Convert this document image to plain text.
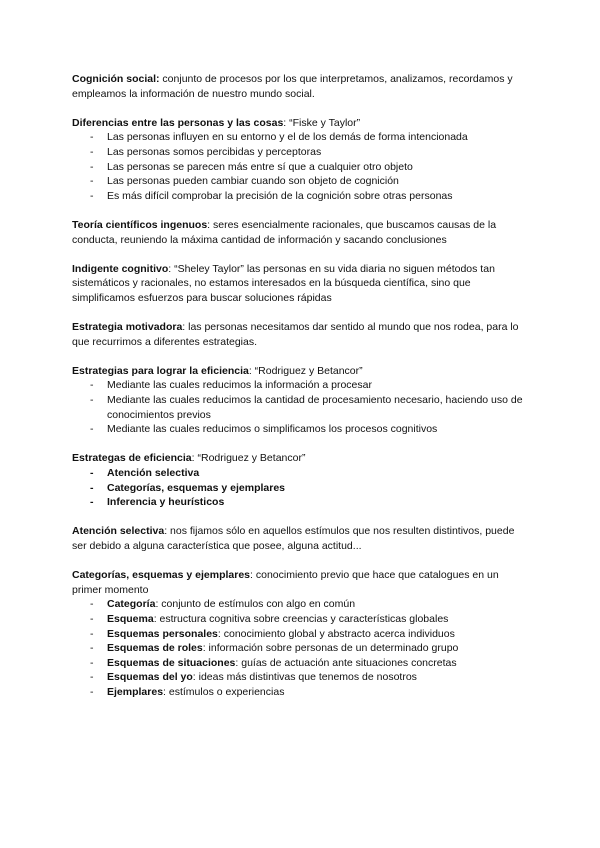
Cognición social: conjunto de procesos por los que interpretamos, analizamos, recordamos y empleamos la información de nuestro mundo social.

Diferencias entre las personas y las cosas: “Fiske y Taylor”

- Las personas influyen en su entorno y el de los demás de forma intencionada
- Las personas somos percibidas y perceptoras
- Las personas se parecen más entre sí que a cualquier otro objeto
- Las personas pueden cambiar cuando son objeto de cognición
- Es más difícil comprobar la precisión de la cognición sobre otras personas

Teoría científicos ingenuos: seres esencialmente racionales, que buscamos causas de la conducta, reuniendo la máxima cantidad de información y sacando conclusiones

Indigente cognitivo: “Sheley Taylor” las personas en su vida diaria no siguen métodos tan sistemáticos y racionales, no estamos interesados en la búsqueda científica, sino que simplificamos esfuerzos para buscar soluciones rápidas

Estrategia motivadora: las personas necesitamos dar sentido al mundo que nos rodea, para lo que recurrimos a diferentes estrategias.

Estrategias para lograr la eficiencia: “Rodriguez y Betancor”

- Mediante las cuales reducimos la información a procesar
- Mediante las cuales reducimos la cantidad de procesamiento necesario, haciendo uso de conocimientos previos
- Mediante las cuales reducimos o simplificamos los procesos cognitivos

Estrategas de eficiencia: “Rodriguez y Betancor”

- Atención selectiva
- Categorías, esquemas y ejemplares
- Inferencia y heurísticos

Atención selectiva: nos fijamos sólo en aquellos estímulos que nos resulten distintivos, puede ser debido a alguna característica que posee, alguna actitud...

Categorías, esquemas y ejemplares: conocimiento previo que hace que catalogues en un primer momento

- Categoría: conjunto de estímulos con algo en común
- Esquema: estructura cognitiva sobre creencias y características globales
- Esquemas personales: conocimiento global y abstracto acerca individuos
- Esquemas de roles: información sobre personas de un determinado grupo
- Esquemas de situaciones: guías de actuación ante situaciones concretas
- Esquemas del yo: ideas más distintivas que tenemos de nosotros
- Ejemplares: estímulos o experiencias
